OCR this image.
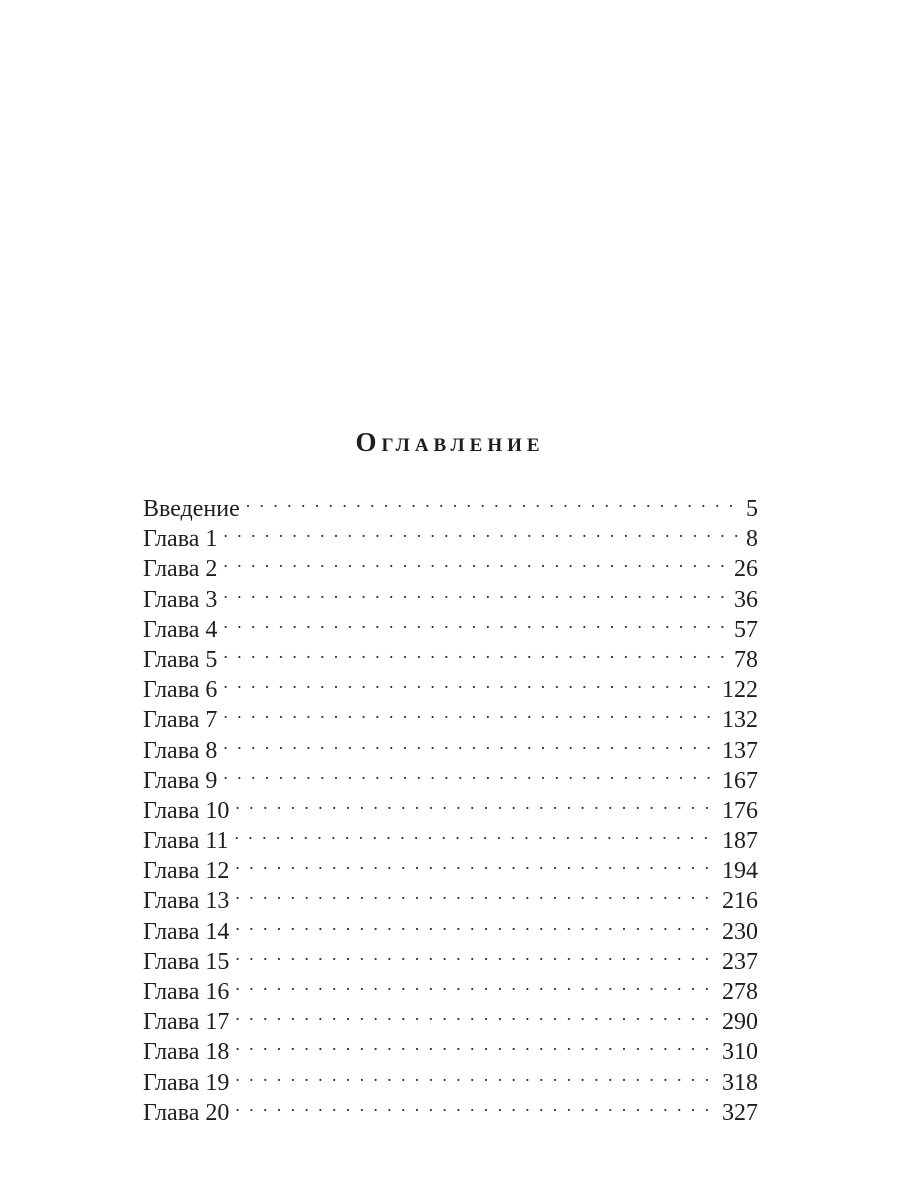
Оглавление
Введение . . .	5
Глава 1 . . .	8
Глава 2 . . .	26
Глава 3 . . .	36
Глава 4 . . .	57
Глава 5 . . .	78
Глава 6 . . .	122
Глава 7 . . .	132
Глава 8 . . .	137
Глава 9 . . .	167
Глава 10 . . .	176
Глава 11 . . .	187
Глава 12 . . .	194
Глава 13 . . .	216
Глава 14 . . .	230
Глава 15 . . .	237
Глава 16 . . .	278
Глава 17 . . .	290
Глава 18 . . .	310
Глава 19 . . .	318
Глава 20 . . .	327
